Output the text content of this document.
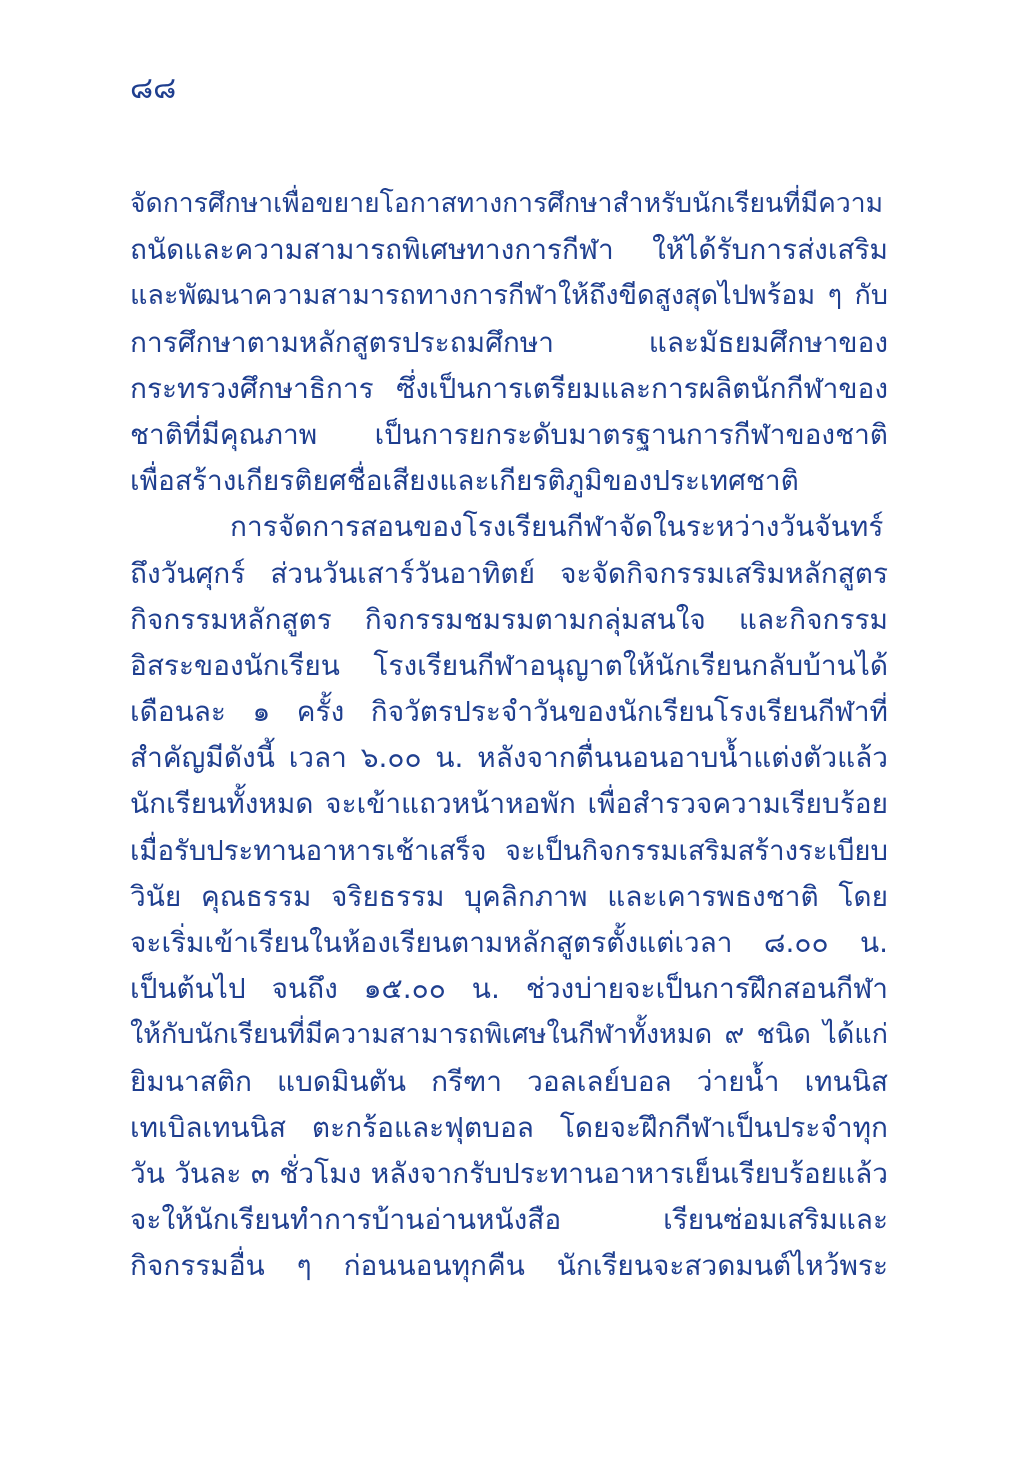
๘๘
จัดการศึกษาเพื่อขยายโอกาสทางการศึกษาสำหรับนักเรียนที่มีความ
ถนัดและความสามารถพิเศษทางการกีฬา ให้ได้รับการส่งเสริม
และพัฒนาความสามารถทางการกีฬาให้ถึงขีดสูงสุดไปพร้อม ๆ กับ
การศึกษาตามหลักสูตรประถมศึกษา และมัธยมศึกษาของ
กระทรวงศึกษาธิการ ซึ่งเป็นการเตรียมและการผลิตนักกีฬาของ
ชาติที่มีคุณภาพ เป็นการยกระดับมาตรฐานการกีฬาของชาติ
เพื่อสร้างเกียรติยศชื่อเสียงและเกียรติภูมิของประเทศชาติ
การจัดการสอนของโรงเรียนกีฬาจัดในระหว่างวันจันทร์
ถึงวันศุกร์ ส่วนวันเสาร์วันอาทิตย์ จะจัดกิจกรรมเสริมหลักสูตร
กิจกรรมหลักสูตร กิจกรรมชมรมตามกลุ่มสนใจ และกิจกรรม
อิสระของนักเรียน โรงเรียนกีฬาอนุญาตให้นักเรียนกลับบ้านได้
เดือนละ ๑ ครั้ง กิจวัตรประจำวันของนักเรียนโรงเรียนกีฬาที่
สำคัญมีดังนี้ เวลา ๖.๐๐ น. หลังจากตื่นนอนอาบน้ำแต่งตัวแล้ว
นักเรียนทั้งหมด จะเข้าแถวหน้าหอพัก เพื่อสำรวจความเรียบร้อย
เมื่อรับประทานอาหารเช้าเสร็จ จะเป็นกิจกรรมเสริมสร้างระเบียบ
วินัย คุณธรรม จริยธรรม บุคลิกภาพ และเคารพธงชาติ โดย
จะเริ่มเข้าเรียนในห้องเรียนตามหลักสูตรตั้งแต่เวลา ๘.๐๐ น.
เป็นต้นไป จนถึง ๑๕.๐๐ น. ช่วงบ่ายจะเป็นการฝึกสอนกีฬา
ให้กับนักเรียนที่มีความสามารถพิเศษในกีฬาทั้งหมด ๙ ชนิด ได้แก่
ยิมนาสติก แบดมินตัน กรีฑา วอลเลย์บอล ว่ายน้ำ เทนนิส
เทเบิลเทนนิส ตะกร้อและฟุตบอล โดยจะฝึกกีฬาเป็นประจำทุก
วัน วันละ ๓ ชั่วโมง หลังจากรับประทานอาหารเย็นเรียบร้อยแล้ว
จะให้นักเรียนทำการบ้านอ่านหนังสือ เรียนซ่อมเสริมและ
กิจกรรมอื่น ๆ ก่อนนอนทุกคืน นักเรียนจะสวดมนต์ไหว้พระ
